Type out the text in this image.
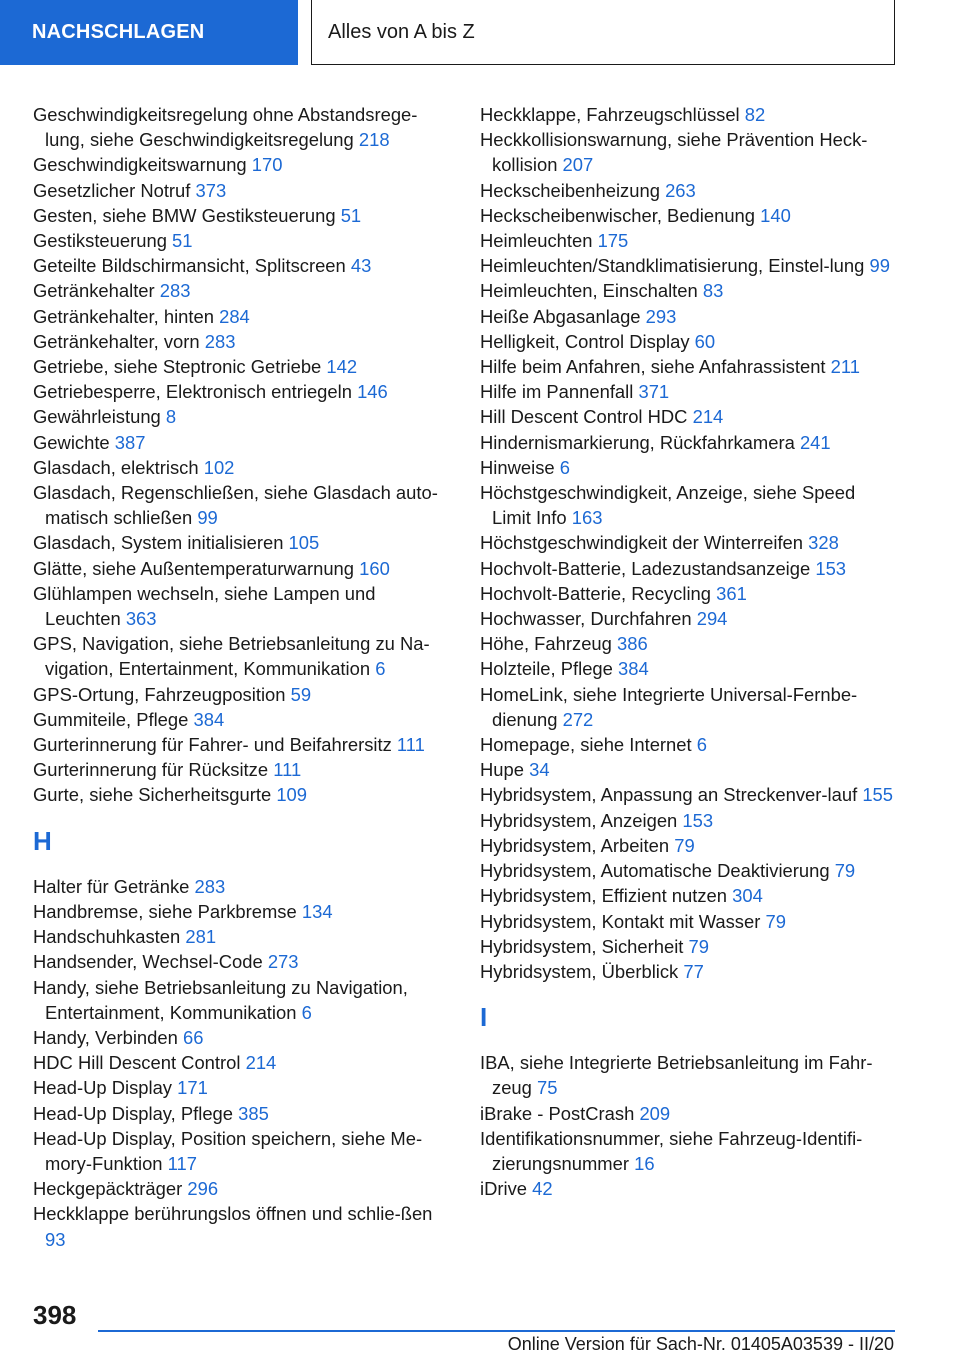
NACHSCHLAGEN	Alles von A bis Z

Geschwindigkeitsregelung ohne Abstandsrege-lung, siehe Geschwindigkeitsregelung 218

Geschwindigkeitswarnung 170

Gesetzlicher Notruf 373

Gesten, siehe BMW Gestiksteuerung 51

Gestiksteuerung 51

Geteilte Bildschirmansicht, Splitscreen 43

Getränkehalter 283

Getränkehalter, hinten 284

Getränkehalter, vorn 283

Getriebe, siehe Steptronic Getriebe 142

Getriebesperre, Elektronisch entriegeln 146

Gewährleistung 8

Gewichte 387

Glasdach, elektrisch 102

Glasdach, Regenschließen, siehe Glasdach auto-matisch schließen 99

Glasdach, System initialisieren 105

Glätte, siehe Außentemperaturwarnung 160

Glühlampen wechseln, siehe Lampen und Leuchten 363

GPS, Navigation, siehe Betriebsanleitung zu Na-vigation, Entertainment, Kommunikation 6

GPS-Ortung, Fahrzeugposition 59

Gummiteile, Pflege 384

Gurterinnerung für Fahrer- und Beifahrersitz 111

Gurterinnerung für Rücksitze 111

Gurte, siehe Sicherheitsgurte 109

H

Halter für Getränke 283

Handbremse, siehe Parkbremse 134

Handschuhkasten 281

Handsender, Wechsel-Code 273

Handy, siehe Betriebsanleitung zu Navigation, Entertainment, Kommunikation 6

Handy, Verbinden 66

HDC Hill Descent Control 214

Head-Up Display 171

Head-Up Display, Pflege 385

Head-Up Display, Position speichern, siehe Me-mory-Funktion 117

Heckgepäckträger 296

Heckklappe berührungslos öffnen und schlie-ßen 93

Heckklappe, Fahrzeugschlüssel 82

Heckkollisionswarnung, siehe Prävention Heck-kollision 207

Heckscheibenheizung 263

Heckscheibenwischer, Bedienung 140

Heimleuchten 175

Heimleuchten/Standklimatisierung, Einstel-lung 99

Heimleuchten, Einschalten 83

Heiße Abgasanlage 293

Helligkeit, Control Display 60

Hilfe beim Anfahren, siehe Anfahrassistent 211

Hilfe im Pannenfall 371

Hill Descent Control HDC 214

Hindernismarkierung, Rückfahrkamera 241

Hinweise 6

Höchstgeschwindigkeit, Anzeige, siehe Speed Limit Info 163

Höchstgeschwindigkeit der Winterreifen 328

Hochvolt-Batterie, Ladezustandsanzeige 153

Hochvolt-Batterie, Recycling 361

Hochwasser, Durchfahren 294

Höhe, Fahrzeug 386

Holzteile, Pflege 384

HomeLink, siehe Integrierte Universal-Fernbe-dienung 272

Homepage, siehe Internet 6

Hupe 34

Hybridsystem, Anpassung an Streckenver-lauf 155

Hybridsystem, Anzeigen 153

Hybridsystem, Arbeiten 79

Hybridsystem, Automatische Deaktivierung 79

Hybridsystem, Effizient nutzen 304

Hybridsystem, Kontakt mit Wasser 79

Hybridsystem, Sicherheit 79

Hybridsystem, Überblick 77

I

IBA, siehe Integrierte Betriebsanleitung im Fahr-zeug 75

iBrake - PostCrash 209

Identifikationsnummer, siehe Fahrzeug-Identifi-zierungsnummer 16

iDrive 42

398
Online Version für Sach-Nr. 01405A03539 - II/20
